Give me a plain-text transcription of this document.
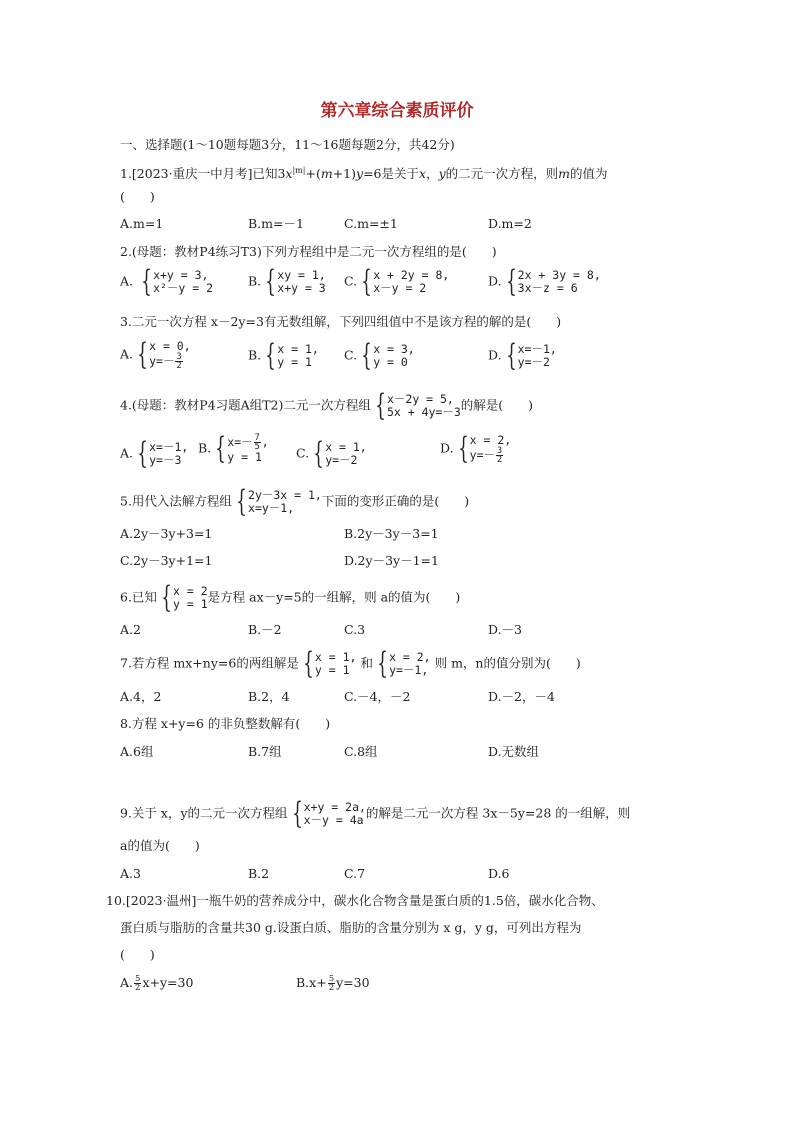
第六章综合素质评价
一、选择题(1～10题每题3分，11～16题每题2分，共42分)
1.[2023·重庆一中月考]已知$3x^{|m|}+(m+1)y=6$是关于x，y的二元一次方程，则m的值为
(　　)
A.m=1	B.m=－1	C.m=±1	D.m=2
2.(母题：教材P4练习T3)下列方程组中是二元一次方程组的是(　　)
A. { x+y = 3,
x²－y = 2	B. { xy = 1,
x+y = 3 C. { x + 2y = 8,
x－y = 2	D. { 2x + 3y = 8,
3x－z = 6
3.二元一次方程 x－2y=3有无数组解，下列四组值中不是该方程的解的是(　　)
A. { x = 0,
$y=- \frac{3}{2}$	B. { x = 1,
y = 1	C. { x = 3,
y = 0	D. { x=－1,
y=－2
4.(母题：教材P4习题A组T2)二元一次方程组 { x－2y = 5,
5x + 4y=－3 的解是(　　)
A. { x=－1,
y=－3
B. { $x=- \frac{7}{5}$ ,
y = 1	C. { x = 1,
y=－2
D. { x = 2,
$y=- \frac{3}{2}$
5.用代入法解方程组 { 2y－3x = 1,
x=y－1,	下面的变形正确的是(　　)
A.2y－3y+3=1	B.2y－3y－3=1
C.2y－3y+1=1	D.2y－3y－1=1
6.已知 { x = 2
y = 1 是方程 ax－y=5的一组解，则 a的值为(　　)
A.2	B.－2	C.3	D.－3
7.若方程 mx+ny=6的两组解是 { x = 1,
y = 1 和 { x = 2,
y=－1, 则 m，n的值分别为(　　)
A.4，2	B.2，4	C.－4，－2	D.－2，－4
8.方程 x+y=6 的非负整数解有(　　)
A.6组	B.7组	C.8组	D.无数组
9.关于 x，y的二元一次方程组 { x+y = 2a,
x－y = 4a 的解是二元一次方程 3x－5y=28 的一组解，则
a的值为(　　)
A.3	B.2	C.7	D.6
10.[2023·温州]一瓶牛奶的营养成分中，碳水化合物含量是蛋白质的1.5倍，碳水化合物、
蛋白质与脂肪的含量共30 g.设蛋白质、脂肪的含量分别为 x g，y g，可列出方程为
(　　)
A. $\frac{5}{2} x+y=30$	$B.x+ \frac{5}{2} y=30$
